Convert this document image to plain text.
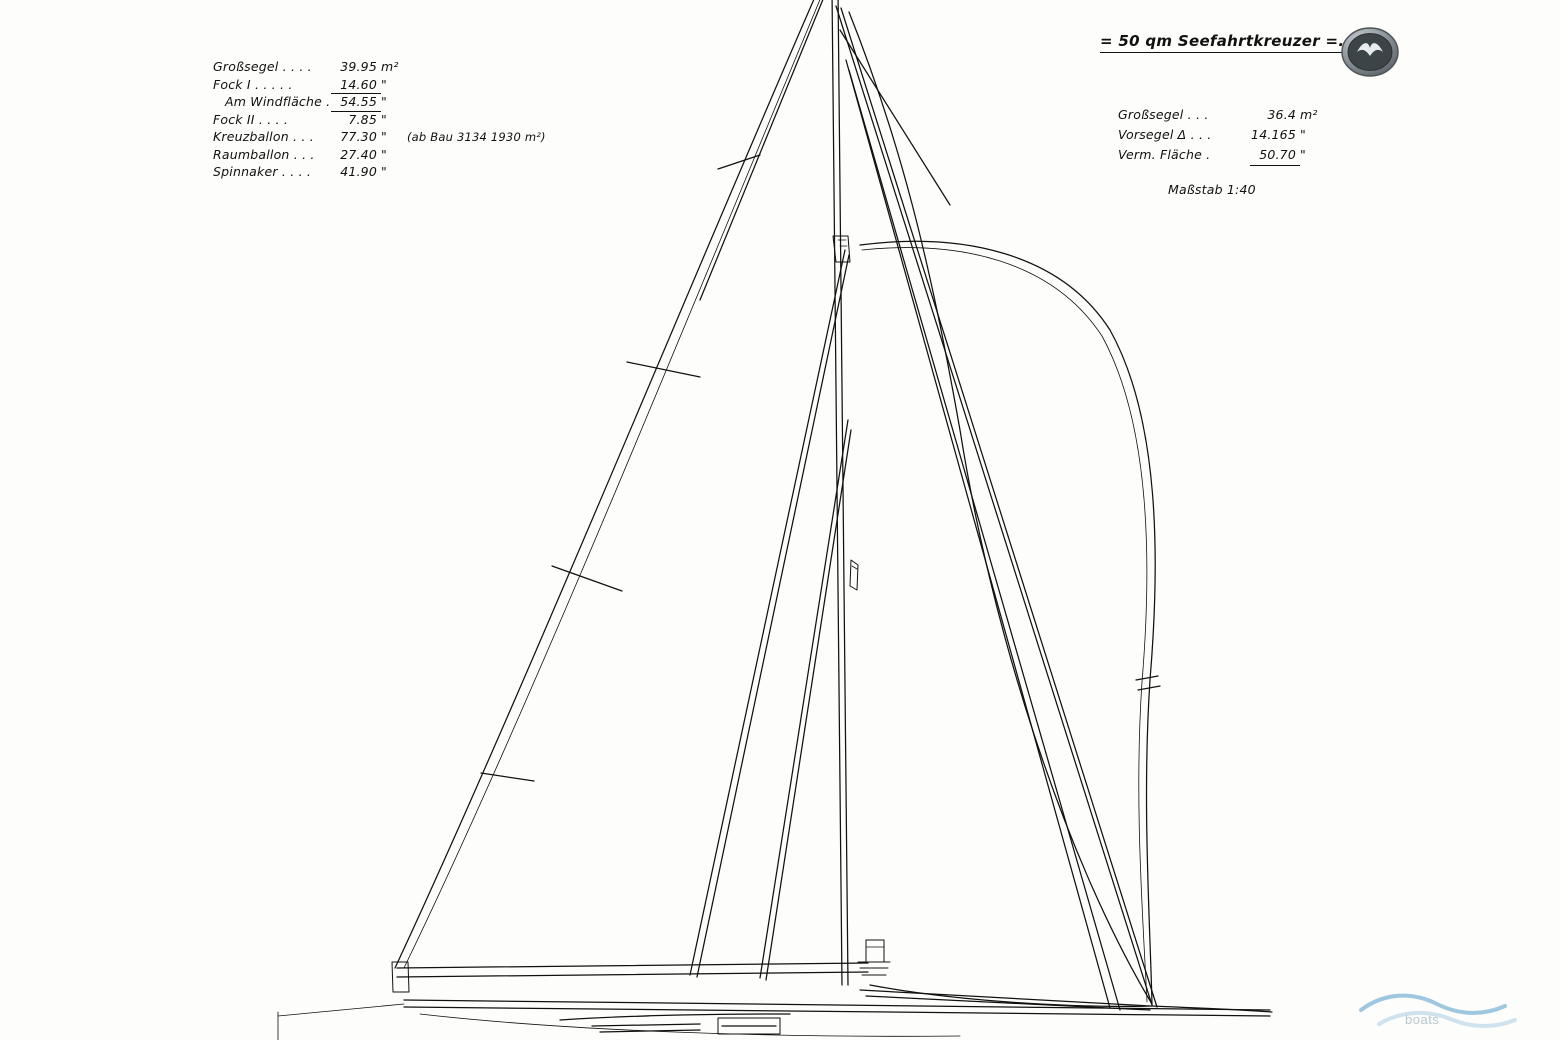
Großsegel . . . .	39.95 m²
Fock I . . . . .	14.60 "
Am Windfläche . 54.55 "
Fock II . . . .	7.85 "
Kreuzballon . . .	77.30 "	(ab Bau 3134 1930 m²)
Raumballon . . .	27.40 "
Spinnaker . . . .	41.90 "
= 50 qm Seefahrtkreuzer =.
Großsegel . . .	36.4 m²
Vorsegel Δ . . .	14.165 "
Verm. Fläche .	50.70 "
Maßstab 1:40
boats
